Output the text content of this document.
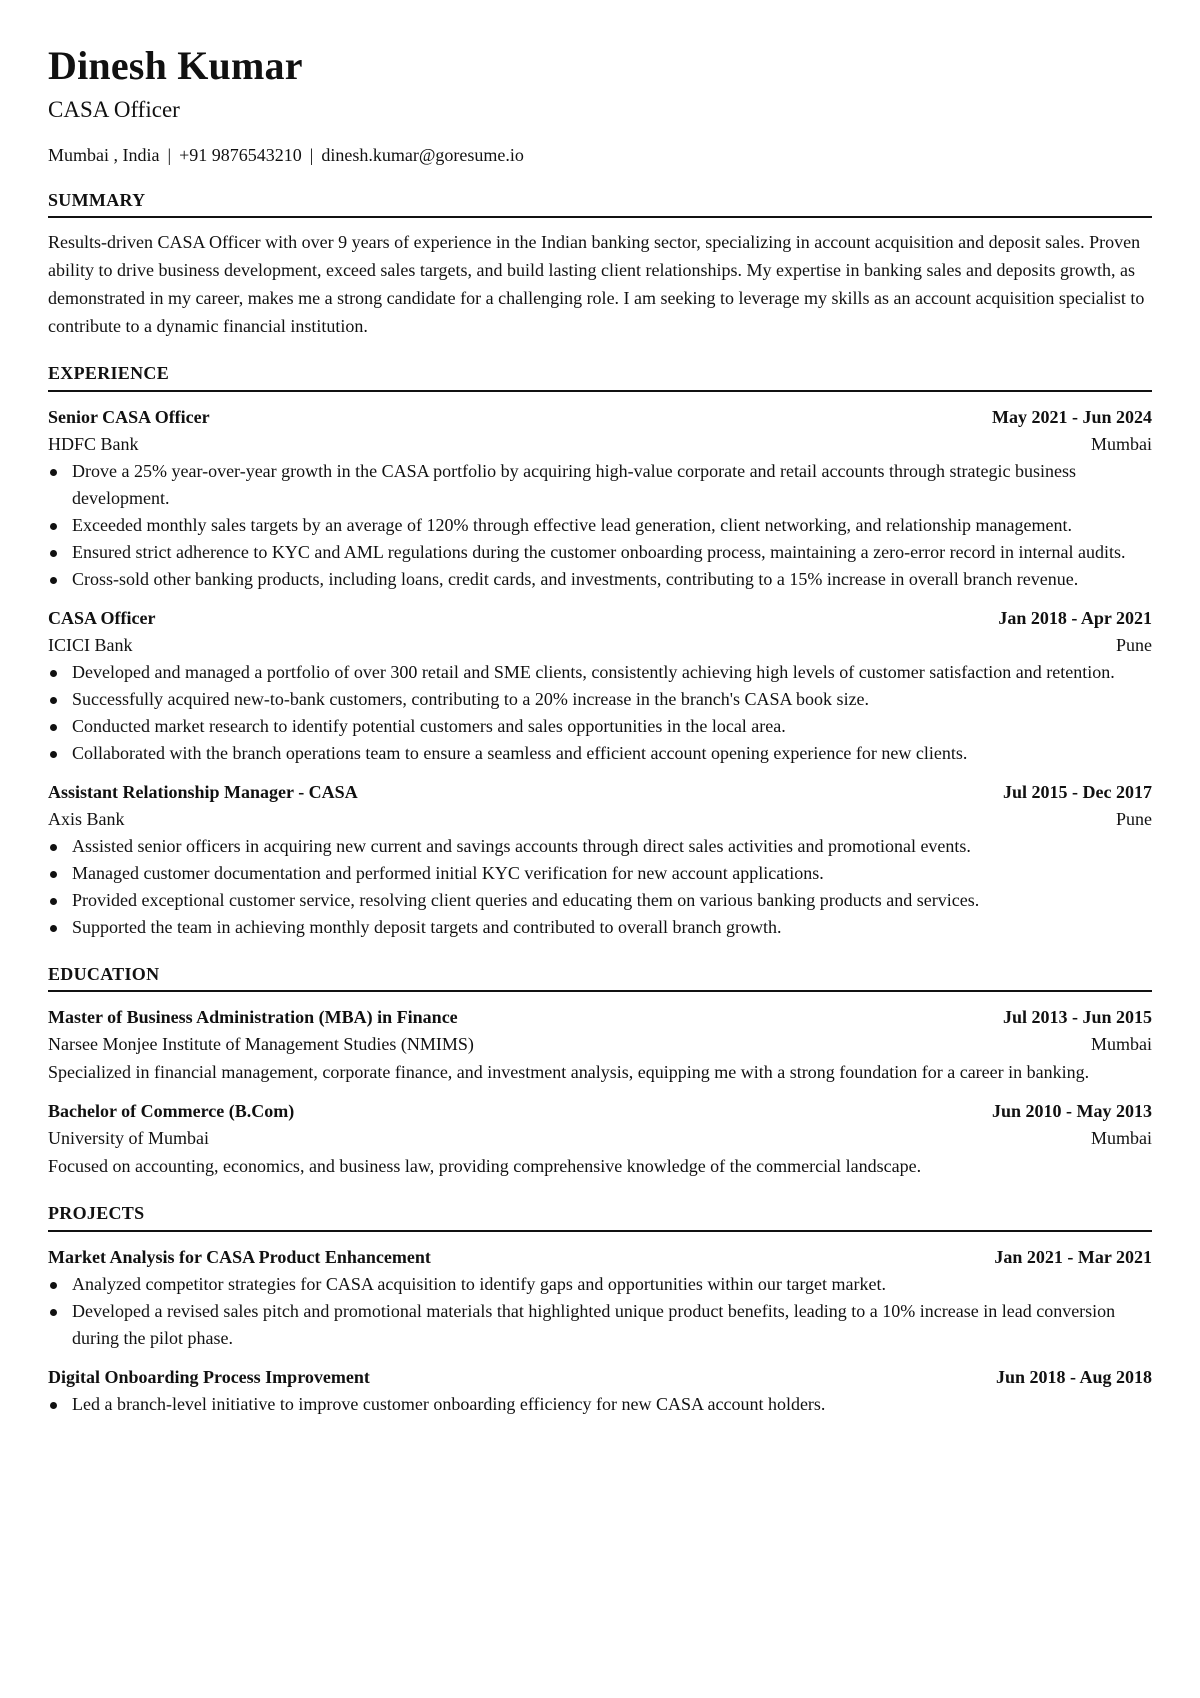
Dinesh Kumar
CASA Officer
Mumbai , India | +91 9876543210 | dinesh.kumar@goresume.io
SUMMARY
Results-driven CASA Officer with over 9 years of experience in the Indian banking sector, specializing in account acquisition and deposit sales. Proven ability to drive business development, exceed sales targets, and build lasting client relationships. My expertise in banking sales and deposits growth, as demonstrated in my career, makes me a strong candidate for a challenging role. I am seeking to leverage my skills as an account acquisition specialist to contribute to a dynamic financial institution.
EXPERIENCE
Senior CASA Officer	May 2021 - Jun 2024
HDFC Bank	Mumbai
Drove a 25% year-over-year growth in the CASA portfolio by acquiring high-value corporate and retail accounts through strategic business development.
Exceeded monthly sales targets by an average of 120% through effective lead generation, client networking, and relationship management.
Ensured strict adherence to KYC and AML regulations during the customer onboarding process, maintaining a zero-error record in internal audits.
Cross-sold other banking products, including loans, credit cards, and investments, contributing to a 15% increase in overall branch revenue.
CASA Officer	Jan 2018 - Apr 2021
ICICI Bank	Pune
Developed and managed a portfolio of over 300 retail and SME clients, consistently achieving high levels of customer satisfaction and retention.
Successfully acquired new-to-bank customers, contributing to a 20% increase in the branch's CASA book size.
Conducted market research to identify potential customers and sales opportunities in the local area.
Collaborated with the branch operations team to ensure a seamless and efficient account opening experience for new clients.
Assistant Relationship Manager - CASA	Jul 2015 - Dec 2017
Axis Bank	Pune
Assisted senior officers in acquiring new current and savings accounts through direct sales activities and promotional events.
Managed customer documentation and performed initial KYC verification for new account applications.
Provided exceptional customer service, resolving client queries and educating them on various banking products and services.
Supported the team in achieving monthly deposit targets and contributed to overall branch growth.
EDUCATION
Master of Business Administration (MBA) in Finance	Jul 2013 - Jun 2015
Narsee Monjee Institute of Management Studies (NMIMS)	Mumbai
Specialized in financial management, corporate finance, and investment analysis, equipping me with a strong foundation for a career in banking.
Bachelor of Commerce (B.Com)	Jun 2010 - May 2013
University of Mumbai	Mumbai
Focused on accounting, economics, and business law, providing comprehensive knowledge of the commercial landscape.
PROJECTS
Market Analysis for CASA Product Enhancement	Jan 2021 - Mar 2021
Analyzed competitor strategies for CASA acquisition to identify gaps and opportunities within our target market.
Developed a revised sales pitch and promotional materials that highlighted unique product benefits, leading to a 10% increase in lead conversion during the pilot phase.
Digital Onboarding Process Improvement	Jun 2018 - Aug 2018
Led a branch-level initiative to improve customer onboarding efficiency for new CASA account holders.
